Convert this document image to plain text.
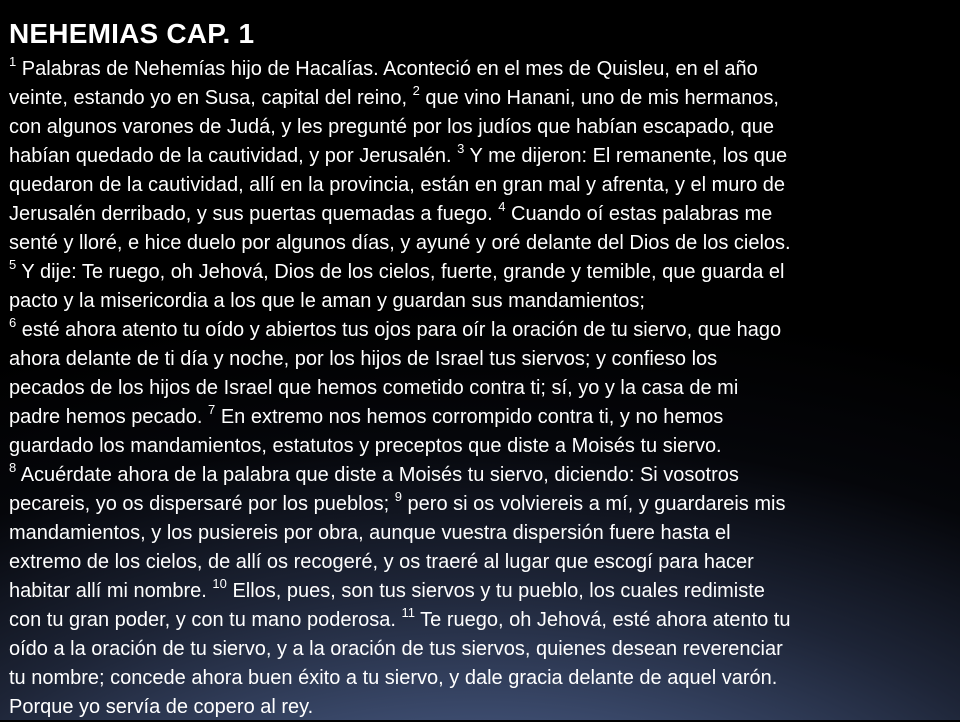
NEHEMIAS CAP. 1
$^1$ Palabras de Nehemías hijo de Hacalías. Aconteció en el mes de Quisleu, en el año
veinte, estando yo en Susa, capital del reino, $^2$ que vino Hanani, uno de mis hermanos,
con algunos varones de Judá, y les pregunté por los judíos que habían escapado, que
habían quedado de la cautividad, y por Jerusalén. $^3$ Y me dijeron: El remanente, los que
quedaron de la cautividad, allí en la provincia, están en gran mal y afrenta, y el muro de
Jerusalén derribado, y sus puertas quemadas a fuego. $^4$ Cuando oí estas palabras me
senté y lloré, e hice duelo por algunos días, y ayuné y oré delante del Dios de los cielos.
$^5$ Y dije: Te ruego, oh Jehová, Dios de los cielos, fuerte, grande y temible, que guarda el
pacto y la misericordia a los que le aman y guardan sus mandamientos;
$^6$ esté ahora atento tu oído y abiertos tus ojos para oír la oración de tu siervo, que hago
ahora delante de ti día y noche, por los hijos de Israel tus siervos; y confieso los
pecados de los hijos de Israel que hemos cometido contra ti; sí, yo y la casa de mi
padre hemos pecado. $^7$ En extremo nos hemos corrompido contra ti, y no hemos
guardado los mandamientos, estatutos y preceptos que diste a Moisés tu siervo.
$^8$ Acuérdate ahora de la palabra que diste a Moisés tu siervo, diciendo: Si vosotros
pecareis, yo os dispersaré por los pueblos; $^9$ pero si os volviereis a mí, y guardareis mis
mandamientos, y los pusiereis por obra, aunque vuestra dispersión fuere hasta el
extremo de los cielos, de allí os recogeré, y os traeré al lugar que escogí para hacer
habitar allí mi nombre. $^{10}$ Ellos, pues, son tus siervos y tu pueblo, los cuales redimiste
con tu gran poder, y con tu mano poderosa. $^{11}$ Te ruego, oh Jehová, esté ahora atento tu
oído a la oración de tu siervo, y a la oración de tus siervos, quienes desean reverenciar
tu nombre; concede ahora buen éxito a tu siervo, y dale gracia delante de aquel varón.
Porque yo servía de copero al rey.
